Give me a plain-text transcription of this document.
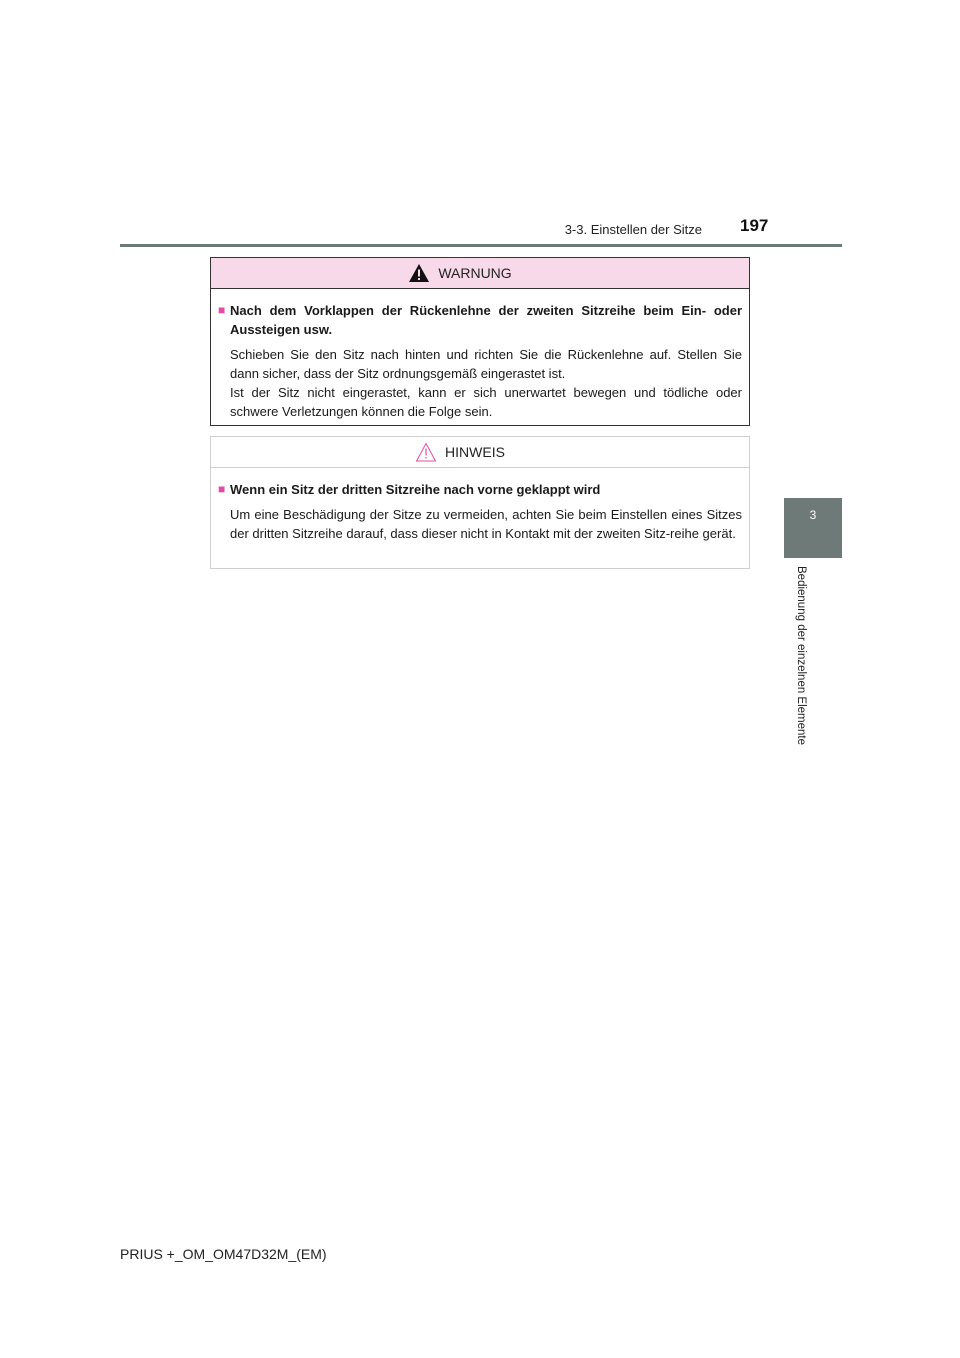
3-3. Einstellen der Sitze 197
3
Bedienung der einzelnen Elemente
WARNUNG
■ Nach dem Vorklappen der Rückenlehne der zweiten Sitzreihe beim Ein- oder Aussteigen usw.
Schieben Sie den Sitz nach hinten und richten Sie die Rückenlehne auf. Stellen Sie dann sicher, dass der Sitz ordnungsgemäß eingerastet ist.
Ist der Sitz nicht eingerastet, kann er sich unerwartet bewegen und tödliche oder schwere Verletzungen können die Folge sein.
HINWEIS
■ Wenn ein Sitz der dritten Sitzreihe nach vorne geklappt wird
Um eine Beschädigung der Sitze zu vermeiden, achten Sie beim Einstellen eines Sitzes der dritten Sitzreihe darauf, dass dieser nicht in Kontakt mit der zweiten Sitz-reihe gerät.
PRIUS +_OM_OM47D32M_(EM)
